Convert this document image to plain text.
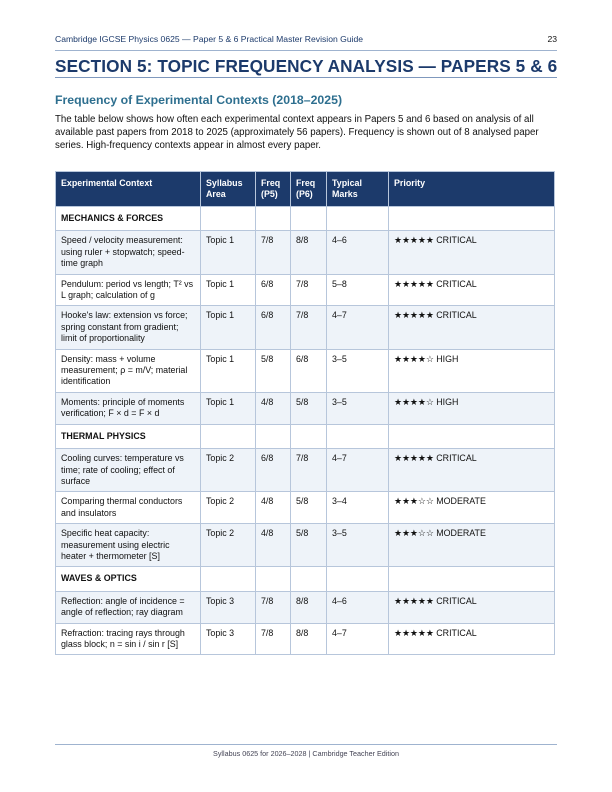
Cambridge IGCSE Physics 0625 — Paper 5 & 6 Practical Master Revision Guide	23
SECTION 5: TOPIC FREQUENCY ANALYSIS — PAPERS 5 & 6
Frequency of Experimental Contexts (2018–2025)
The table below shows how often each experimental context appears in Papers 5 and 6 based on analysis of all available past papers from 2018 to 2025 (approximately 56 papers). Frequency is shown out of 8 analysed paper series. High-frequency contexts appear in almost every paper.
Experimental Context	Syllabus Area	Freq (P5)	Freq (P6)	Typical Marks	Priority
MECHANICS & FORCES					
Speed / velocity measurement: using ruler + stopwatch; speed-time graph	Topic 1	7/8	8/8	4–6	★★★★★ CRITICAL
Pendulum: period vs length; T² vs L graph; calculation of g	Topic 1	6/8	7/8	5–8	★★★★★ CRITICAL
Hooke's law: extension vs force; spring constant from gradient; limit of proportionality	Topic 1	6/8	7/8	4–7	★★★★★ CRITICAL
Density: mass + volume measurement; ρ = m/V; material identification	Topic 1	5/8	6/8	3–5	★★★★☆ HIGH
Moments: principle of moments verification; F × d = F × d	Topic 1	4/8	5/8	3–5	★★★★☆ HIGH
THERMAL PHYSICS					
Cooling curves: temperature vs time; rate of cooling; effect of surface	Topic 2	6/8	7/8	4–7	★★★★★ CRITICAL
Comparing thermal conductors and insulators	Topic 2	4/8	5/8	3–4	★★★☆☆ MODERATE
Specific heat capacity: measurement using electric heater + thermometer [S]	Topic 2	4/8	5/8	3–5	★★★☆☆ MODERATE
WAVES & OPTICS					
Reflection: angle of incidence = angle of reflection; ray diagram	Topic 3	7/8	8/8	4–6	★★★★★ CRITICAL
Refraction: tracing rays through glass block; n = sin i / sin r [S]	Topic 3	7/8	8/8	4–7	★★★★★ CRITICAL
Syllabus 0625 for 2026–2028 | Cambridge Teacher Edition
